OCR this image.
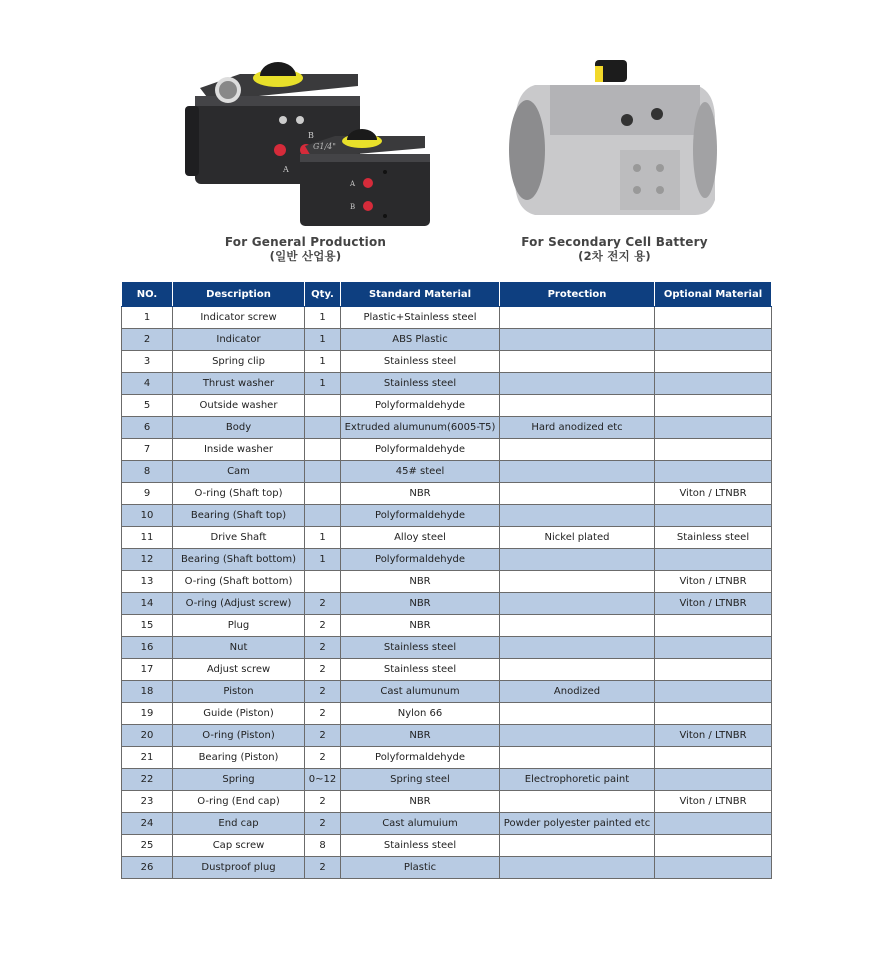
B
A
G1/4"
A
B
For General Production
(일반 산업용)
For Secondary Cell Battery
(2차 전지 용)
NO.	Description	Qty.	Standard Material	Protection	Optional Material
1	Indicator screw	1	Plastic+Stainless steel		
2	Indicator	1	ABS Plastic		
3	Spring clip	1	Stainless steel		
4	Thrust washer	1	Stainless steel		
5	Outside washer		Polyformaldehyde		
6	Body		Extruded alumunum(6005-T5)	Hard anodized etc	
7	Inside washer		Polyformaldehyde		
8	Cam		45# steel		
9	O-ring (Shaft top)		NBR		Viton / LTNBR
10	Bearing (Shaft top)		Polyformaldehyde		
11	Drive Shaft	1	Alloy steel	Nickel plated	Stainless steel
12	Bearing (Shaft bottom)	1	Polyformaldehyde		
13	O-ring (Shaft bottom)		NBR		Viton / LTNBR
14	O-ring (Adjust screw)	2	NBR		Viton / LTNBR
15	Plug	2	NBR		
16	Nut	2	Stainless steel		
17	Adjust screw	2	Stainless steel		
18	Piston	2	Cast alumunum	Anodized	
19	Guide (Piston)	2	Nylon 66		
20	O-ring (Piston)	2	NBR		Viton / LTNBR
21	Bearing (Piston)	2	Polyformaldehyde		
22	Spring	0~12	Spring steel	Electrophoretic paint	
23	O-ring (End cap)	2	NBR		Viton / LTNBR
24	End cap	2	Cast alumuium	Powder polyester painted etc	
25	Cap screw	8	Stainless steel		
26	Dustproof plug	2	Plastic		
